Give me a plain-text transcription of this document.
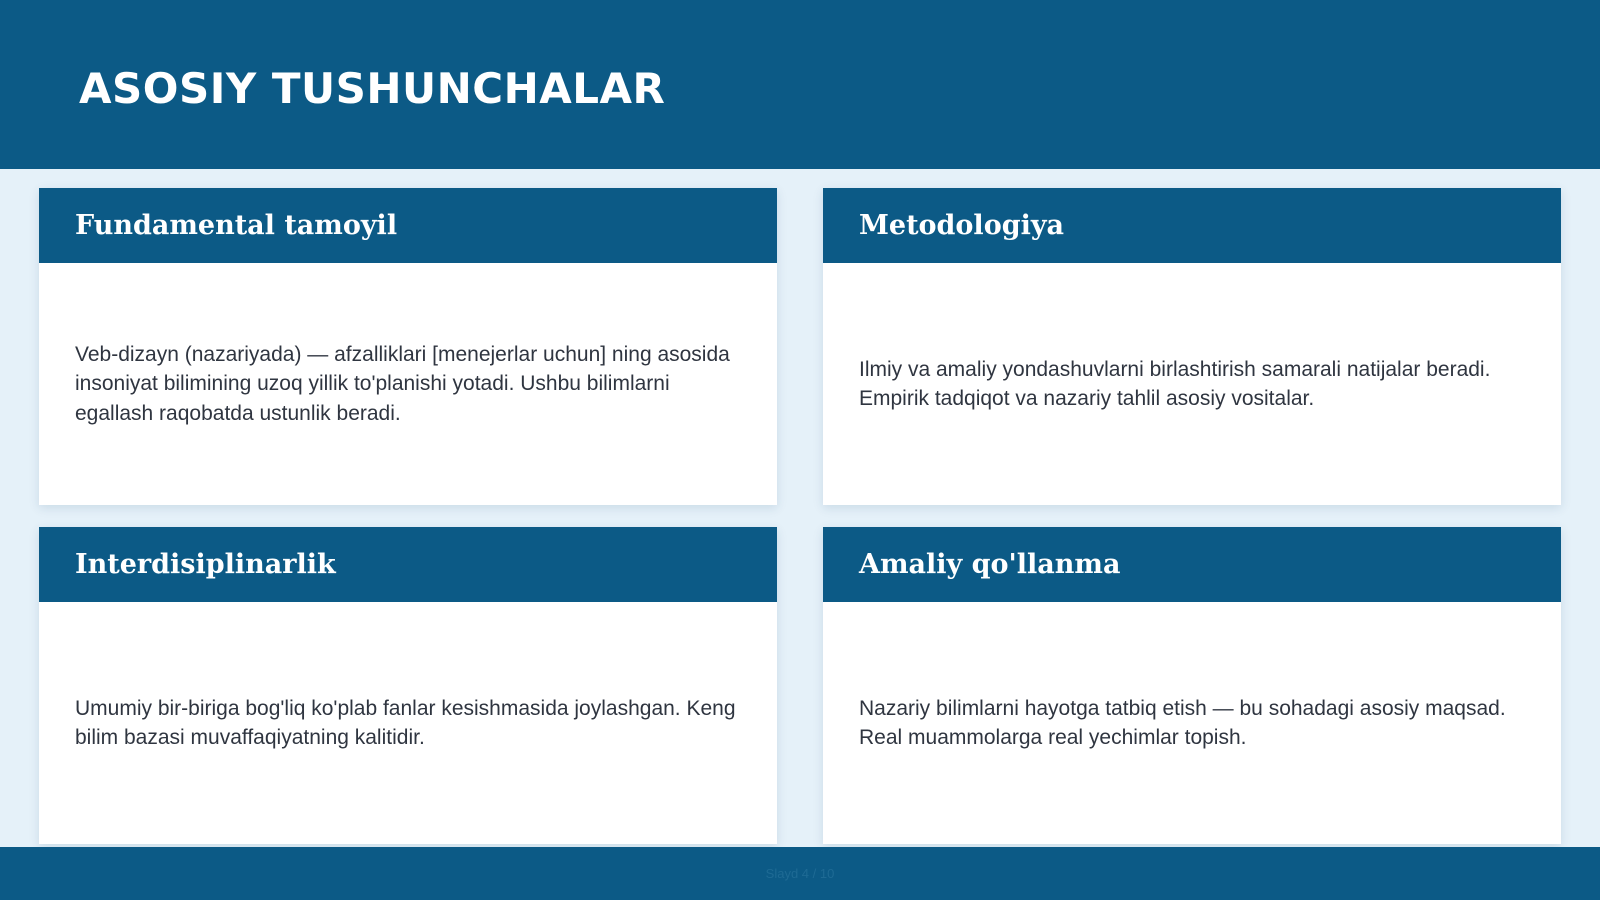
ASOSIY TUSHUNCHALAR
Fundamental tamoyil

Veb-dizayn (nazariyada) — afzalliklari [menejerlar uchun] ning asosida insoniyat bilimining uzoq yillik to'planishi yotadi. Ushbu bilimlarni egallash raqobatda ustunlik beradi.

Metodologiya

Ilmiy va amaliy yondashuvlarni birlashtirish samarali natijalar beradi. Empirik tadqiqot va nazariy tahlil asosiy vositalar.

Interdisiplinarlik

Umumiy bir-biriga bog'liq ko'plab fanlar kesishmasida joylashgan. Keng bilim bazasi muvaffaqiyatning kalitidir.

Amaliy qo'llanma

Nazariy bilimlarni hayotga tatbiq etish — bu sohadagi asosiy maqsad. Real muammolarga real yechimlar topish.

Slayd 4 / 10
